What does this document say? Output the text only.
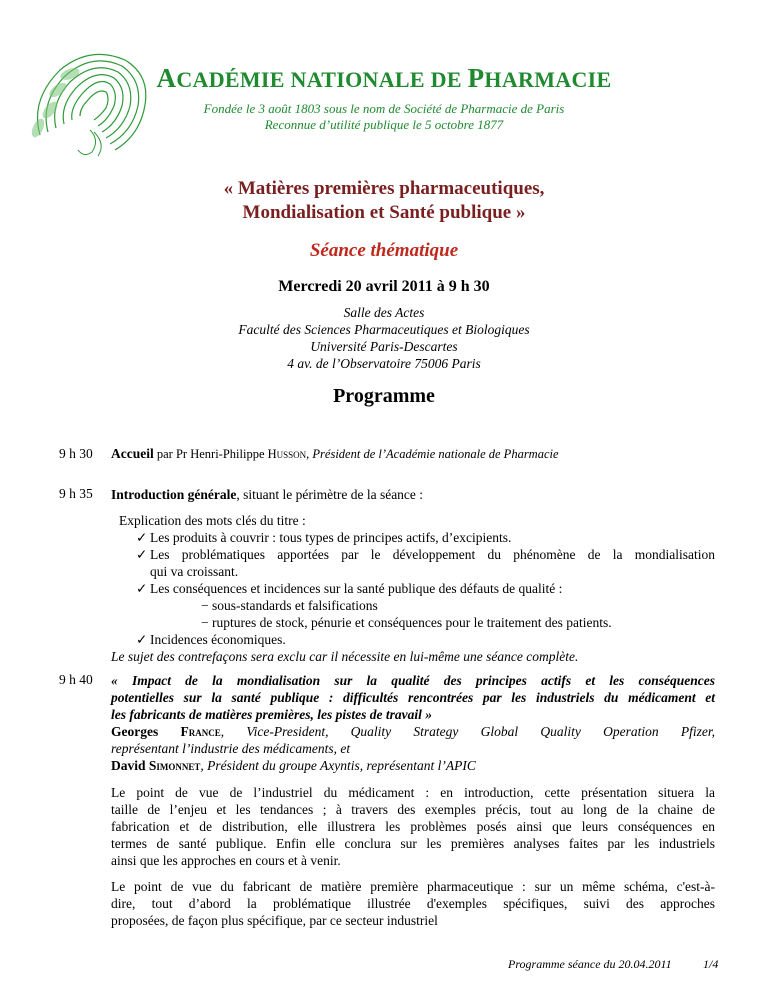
ACADÉMIE NATIONALE DE PHARMACIE
Fondée le 3 août 1803 sous le nom de Société de Pharmacie de Paris
Reconnue d’utilité publique le 5 octobre 1877
« Matières premières pharmaceutiques,
Mondialisation et Santé publique »
Séance thématique
Mercredi 20 avril 2011 à 9 h 30
Salle des Actes
Faculté des Sciences Pharmaceutiques et Biologiques
Université Paris-Descartes
4 av. de l’Observatoire 75006 Paris
Programme
9 h 30	Accueil par Pr Henri-Philippe Husson, Président de l’Académie nationale de Pharmacie
9 h 35	Introduction générale, situant le périmètre de la séance :
Explication des mots clés du titre :
✓ Les produits à couvrir : tous types de principes actifs, d’excipients.
✓ Les problématiques apportées par le développement du phénomène de la mondialisation
qui va croissant.
✓ Les conséquences et incidences sur la santé publique des défauts de qualité :
− sous-standards et falsifications
− ruptures de stock, pénurie et conséquences pour le traitement des patients.
✓ Incidences économiques.
Le sujet des contrefaçons sera exclu car il nécessite en lui-même une séance complète.
9 h 40	« Impact de la mondialisation sur la qualité des principes actifs et les conséquences
potentielles sur la santé publique : difficultés rencontrées par les industriels du médicament et
les fabricants de matières premières, les pistes de travail »
Georges France, Vice-President, Quality Strategy Global Quality Operation Pfizer,
représentant l’industrie des médicaments, et
David Simonnet, Président du groupe Axyntis, représentant l’APIC
Le point de vue de l’industriel du médicament : en introduction, cette présentation situera la
taille de l’enjeu et les tendances ; à travers des exemples précis, tout au long de la chaine de
fabrication et de distribution, elle illustrera les problèmes posés ainsi que leurs conséquences en
termes de santé publique. Enfin elle conclura sur les premières analyses faites par les industriels
ainsi que les approches en cours et à venir.
Le point de vue du fabricant de matière première pharmaceutique : sur un même schéma, c'est-à-
dire, tout d’abord la problématique illustrée d'exemples spécifiques, suivi des approches
proposées, de façon plus spécifique, par ce secteur industriel
Programme séance du 20.04.2011	1/4
